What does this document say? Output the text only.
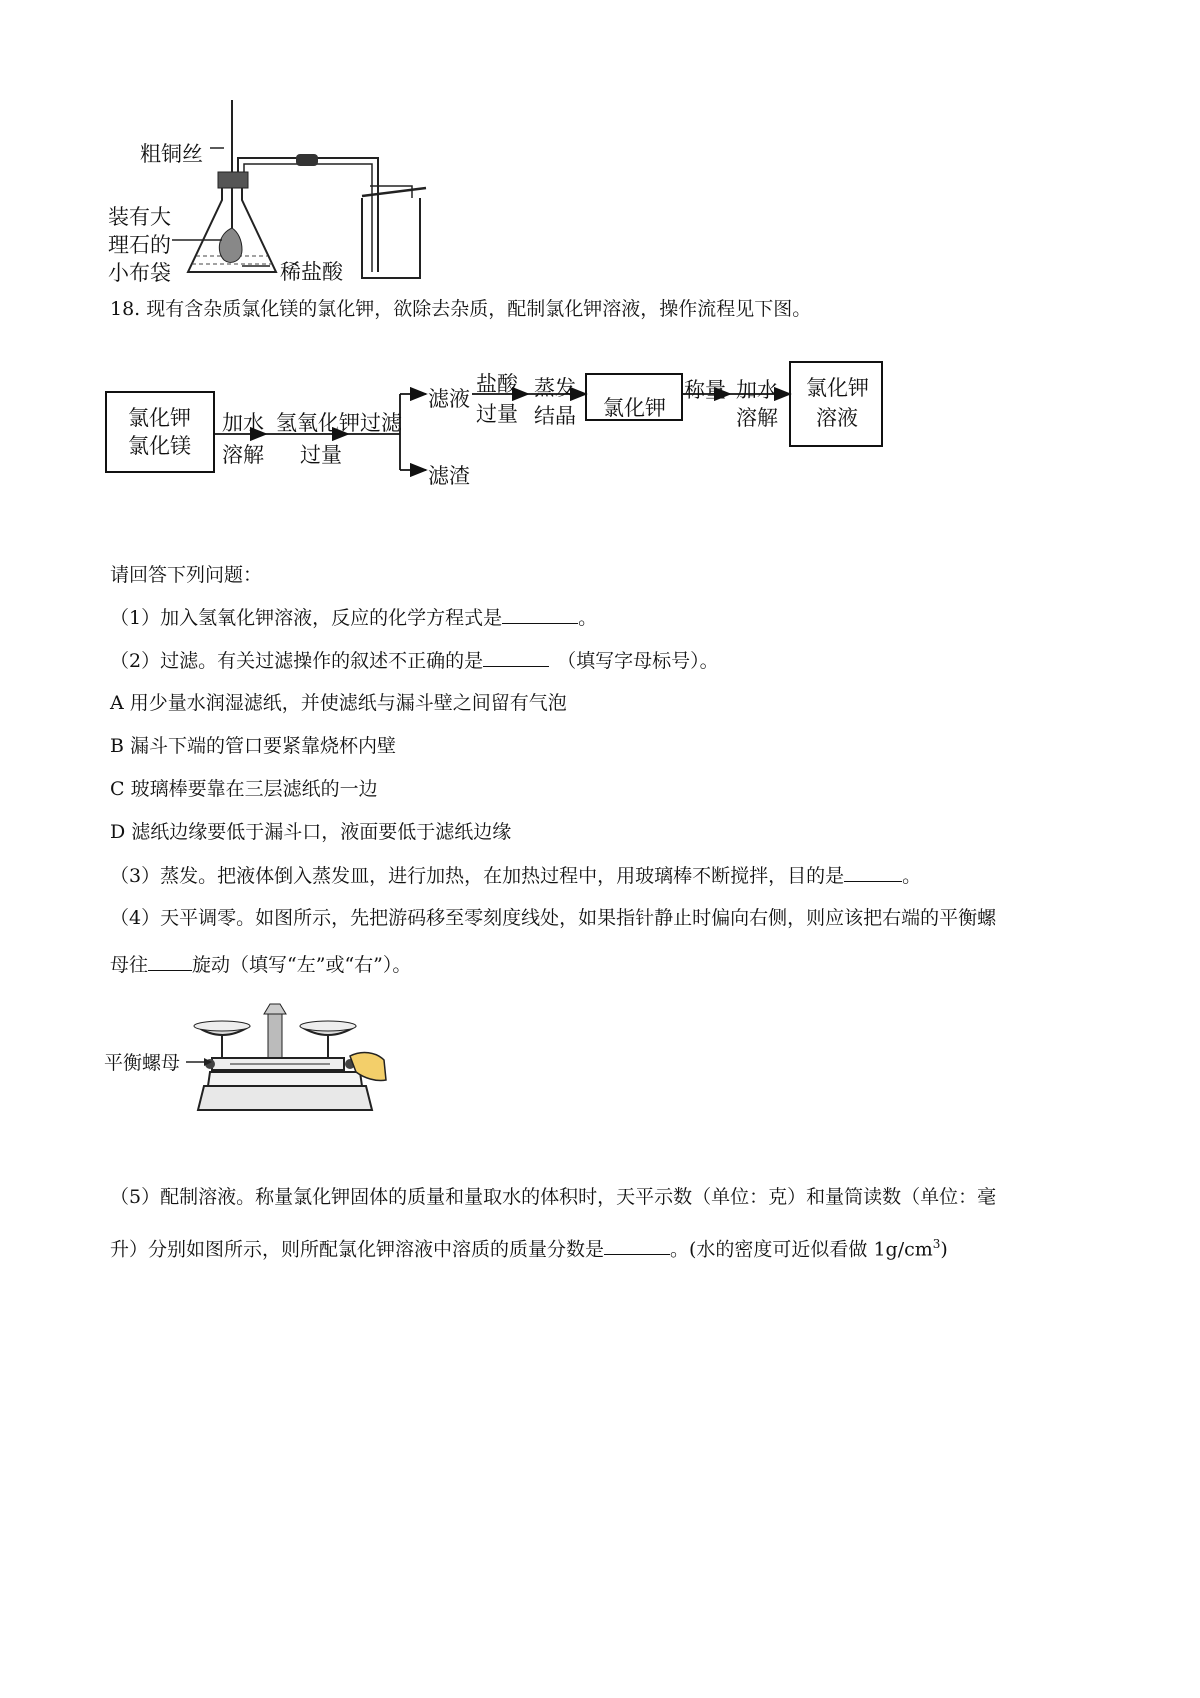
粗铜丝
装有大
理石的
小布袋	稀盐酸
18. 现有含杂质氯化镁的氯化钾，欲除去杂质，配制氯化钾溶液，操作流程见下图。
氯化钾
氯化镁
加水
溶解
氢氧化钾
过量
过滤
滤液
滤渣
盐酸
过量
蒸发
结晶 氯化钾
称量 加水
溶解
氯化钾
溶液
请回答下列问题：
（1）加入氢氧化钾溶液，反应的化学方程式是	。
（2）过滤。有关过滤操作的叙述不正确的是	（填写字母标号）。
A 用少量水润湿滤纸，并使滤纸与漏斗壁之间留有气泡
B 漏斗下端的管口要紧靠烧杯内壁
C 玻璃棒要靠在三层滤纸的一边
D 滤纸边缘要低于漏斗口，液面要低于滤纸边缘
（3）蒸发。把液体倒入蒸发皿，进行加热，在加热过程中，用玻璃棒不断搅拌，目的是	。
（4）天平调零。如图所示，先把游码移至零刻度线处，如果指针静止时偏向右侧，则应该把右端的平衡螺
母往 旋动（填写“左”或“右”）。
平衡螺母
（5）配制溶液。称量氯化钾固体的质量和量取水的体积时，天平示数（单位：克）和量筒读数（单位：毫
升）分别如图所示，则所配氯化钾溶液中溶质的质量分数是	。(水的密度可近似看做 $1g/cm^3$)
